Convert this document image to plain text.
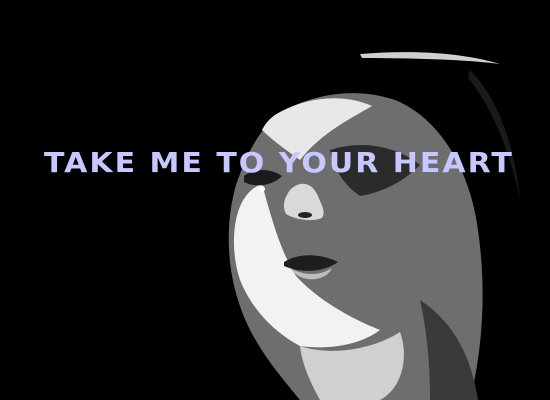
TAKE ME TO YOUR HEART
